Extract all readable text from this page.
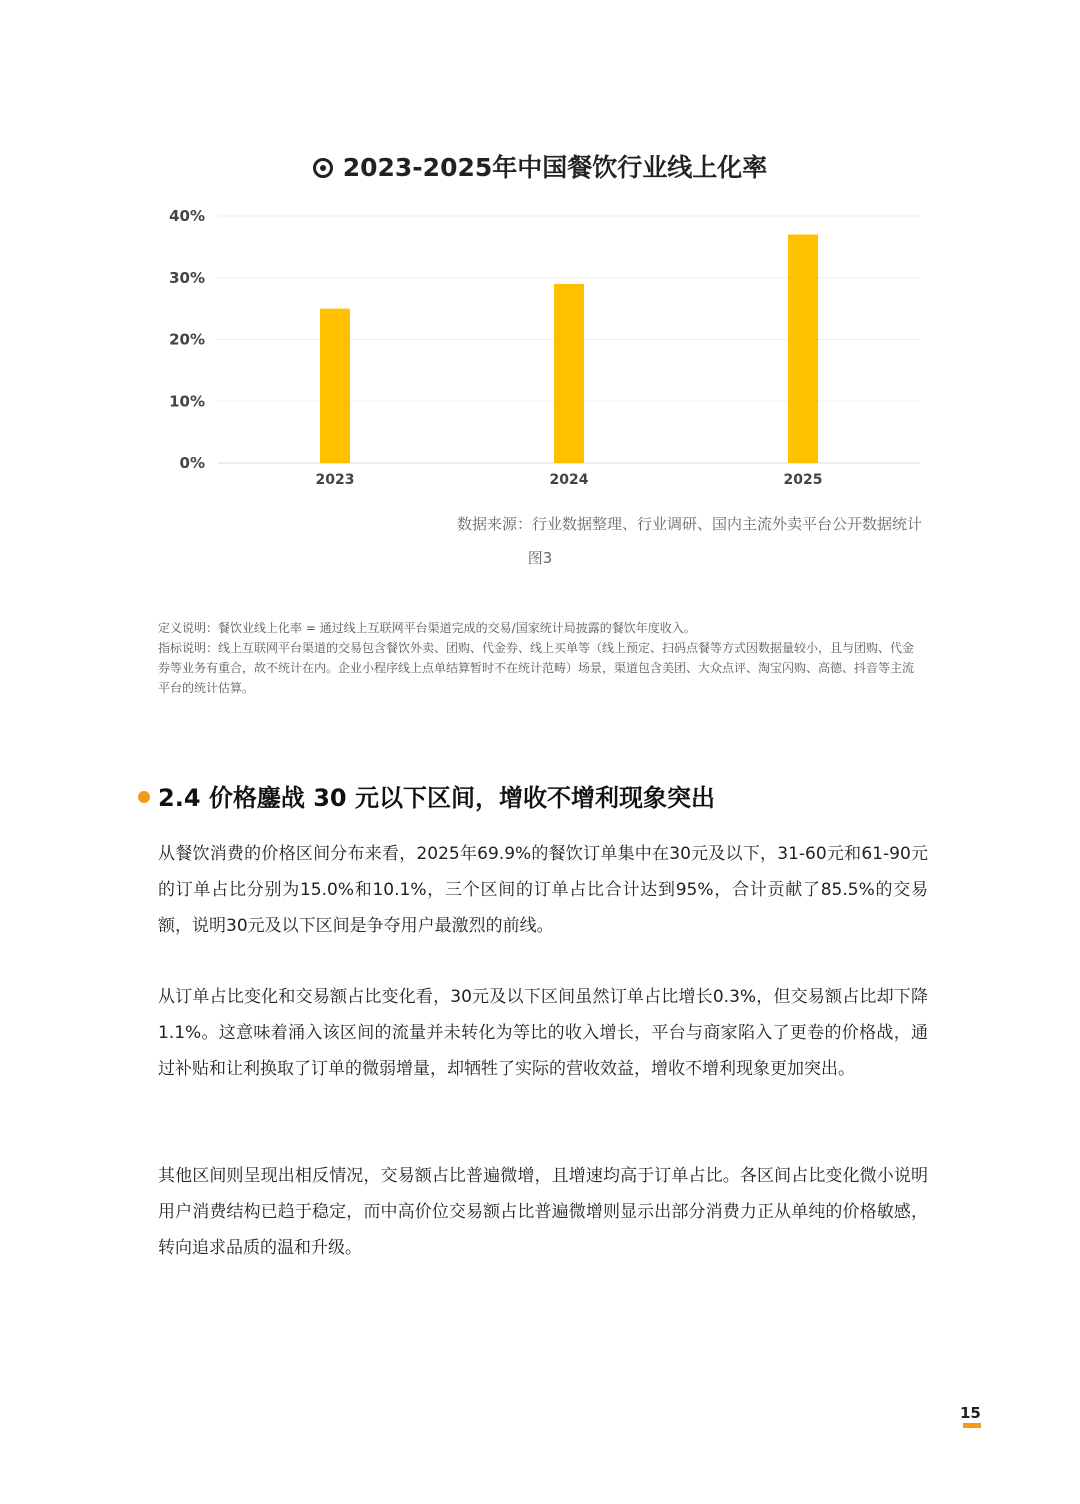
2023-2025年中国餐饮行业线上化率
0%
10%
20%
30%
40%
2023	2024	2025
数据来源：行业数据整理、行业调研、国内主流外卖平台公开数据统计
图3

定义说明：餐饮业线上化率 = 通过线上互联网平台渠道完成的交易/国家统计局披露的餐饮年度收入。

指标说明：线上互联网平台渠道的交易包含餐饮外卖、团购、代金券、线上买单等（线上预定、扫码点餐等方式因数据量较小，且与团购、代金券等业务有重合，故不统计在内。企业小程序线上点单结算暂时不在统计范畴）场景，渠道包含美团、大众点评、淘宝闪购、高德、抖音等主流平台的统计估算。

2.4 价格鏖战 30 元以下区间，增收不增利现象突出

从餐饮消费的价格区间分布来看，2025年69.9%的餐饮订单集中在30元及以下，31-60元和61-90元的订单占比分别为15.0%和10.1%，三个区间的订单占比合计达到95%，合计贡献了85.5%的交易额，说明30元及以下区间是争夺用户最激烈的前线。

从订单占比变化和交易额占比变化看，30元及以下区间虽然订单占比增长0.3%，但交易额占比却下降1.1%。这意味着涌入该区间的流量并未转化为等比的收入增长，平台与商家陷入了更卷的价格战，通过补贴和让利换取了订单的微弱增量，却牺牲了实际的营收效益，增收不增利现象更加突出。

其他区间则呈现出相反情况，交易额占比普遍微增，且增速均高于订单占比。各区间占比变化微小说明用户消费结构已趋于稳定，而中高价位交易额占比普遍微增则显示出部分消费力正从单纯的价格敏感，转向追求品质的温和升级。

15
